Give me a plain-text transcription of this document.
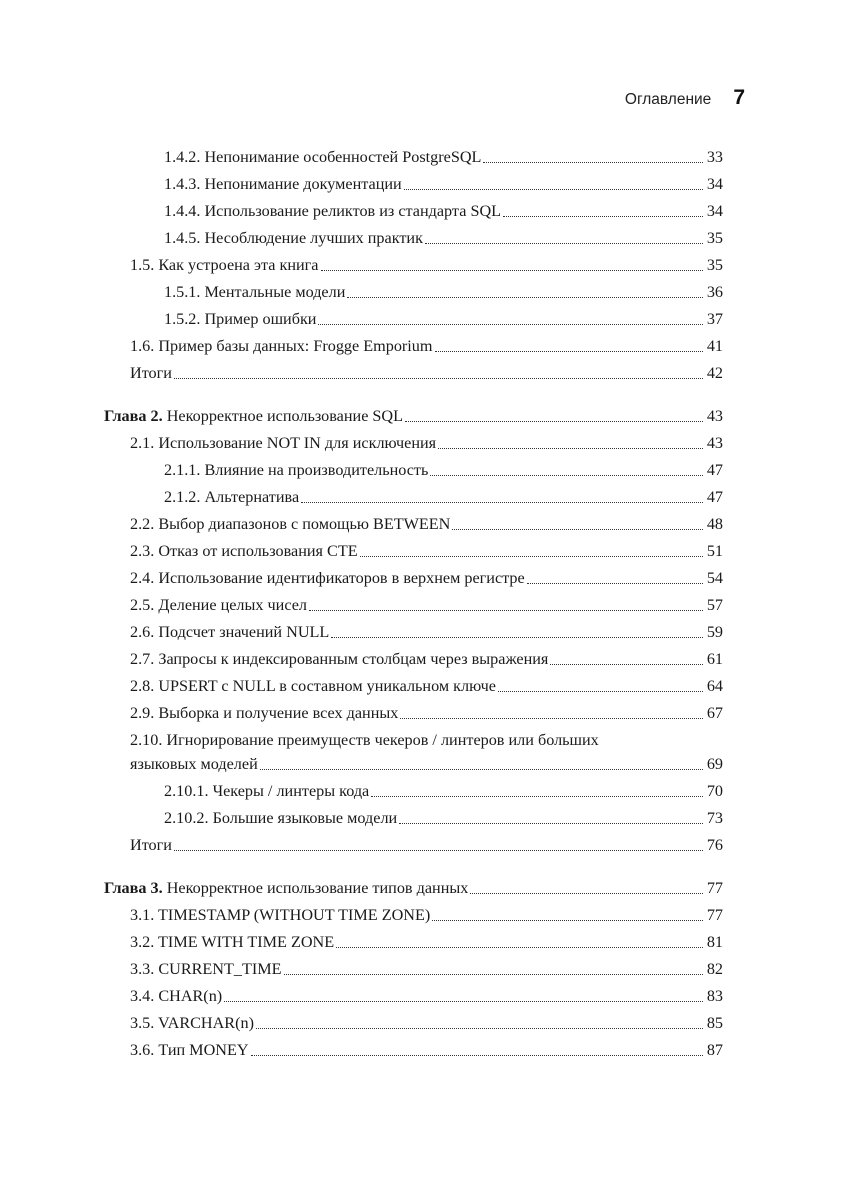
Оглавление 7
1.4.2. Непонимание особенностей PostgreSQL	33
1.4.3. Непонимание документации	34
1.4.4. Использование реликтов из стандарта SQL	34
1.4.5. Несоблюдение лучших практик	35
1.5. Как устроена эта книга	35
1.5.1. Ментальные модели	36
1.5.2. Пример ошибки	37
1.6. Пример базы данных: Frogge Emporium	41
Итоги	42
Глава 2. Некорректное использование SQL	43
2.1. Использование NOT IN для исключения	43
2.1.1. Влияние на производительность	47
2.1.2. Альтернатива	47
2.2. Выбор диапазонов с помощью BETWEEN	48
2.3. Отказ от использования CTE	51
2.4. Использование идентификаторов в верхнем регистре	54
2.5. Деление целых чисел	57
2.6. Подсчет значений NULL	59
2.7. Запросы к индексированным столбцам через выражения	61
2.8. UPSERT с NULL в составном уникальном ключе	64
2.9. Выборка и получение всех данных	67
2.10. Игнорирование преимуществ чекеров / линтеров или больших
языковых моделей	69
2.10.1. Чекеры / линтеры кода	70
2.10.2. Большие языковые модели	73
Итоги	76
Глава 3. Некорректное использование типов данных	77
3.1. TIMESTAMP (WITHOUT TIME ZONE)	77
3.2. TIME WITH TIME ZONE	81
3.3. CURRENT_TIME	82
3.4. CHAR(n)	83
3.5. VARCHAR(n)	85
3.6. Тип MONEY	87
